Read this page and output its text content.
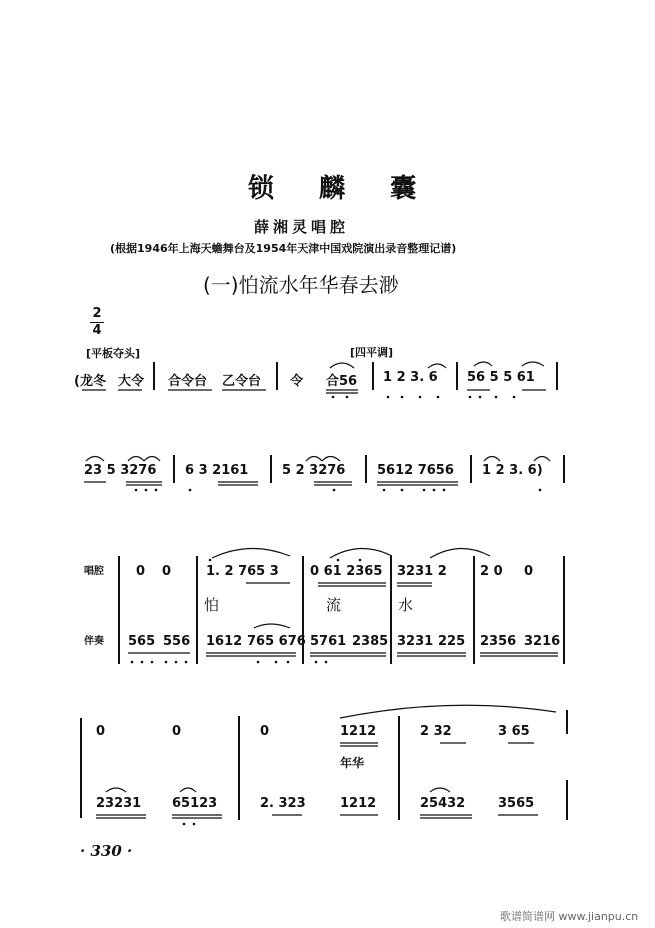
锁 麟 囊
薛湘灵唱腔
(根据1946年上海天蟾舞台及1954年天津中国戏院演出录音整理记谱)
(一)怕流水年华春去渺
2
4
[平板夺头]	[四平调]
(龙冬 大令 合令台 乙令台 令 合56 1 2 3. 6 56 5 5 61
23 5 3276 6 3 2161	5 2 3276 5612 7656 1 2 3. 6)
唱腔
伴奏
0 0	1. 2 765 3 0 61 2365 3231 2	2 0 0
怕	流	水
565 556 1612 765 676 5761 2385 3231 225 2356 3216
0	0	0	1212	2 32	3 65
年华
23231 65123	2. 323	1212	25432	3565
· 330 ·
歌谱简谱网 www.jianpu.cn
